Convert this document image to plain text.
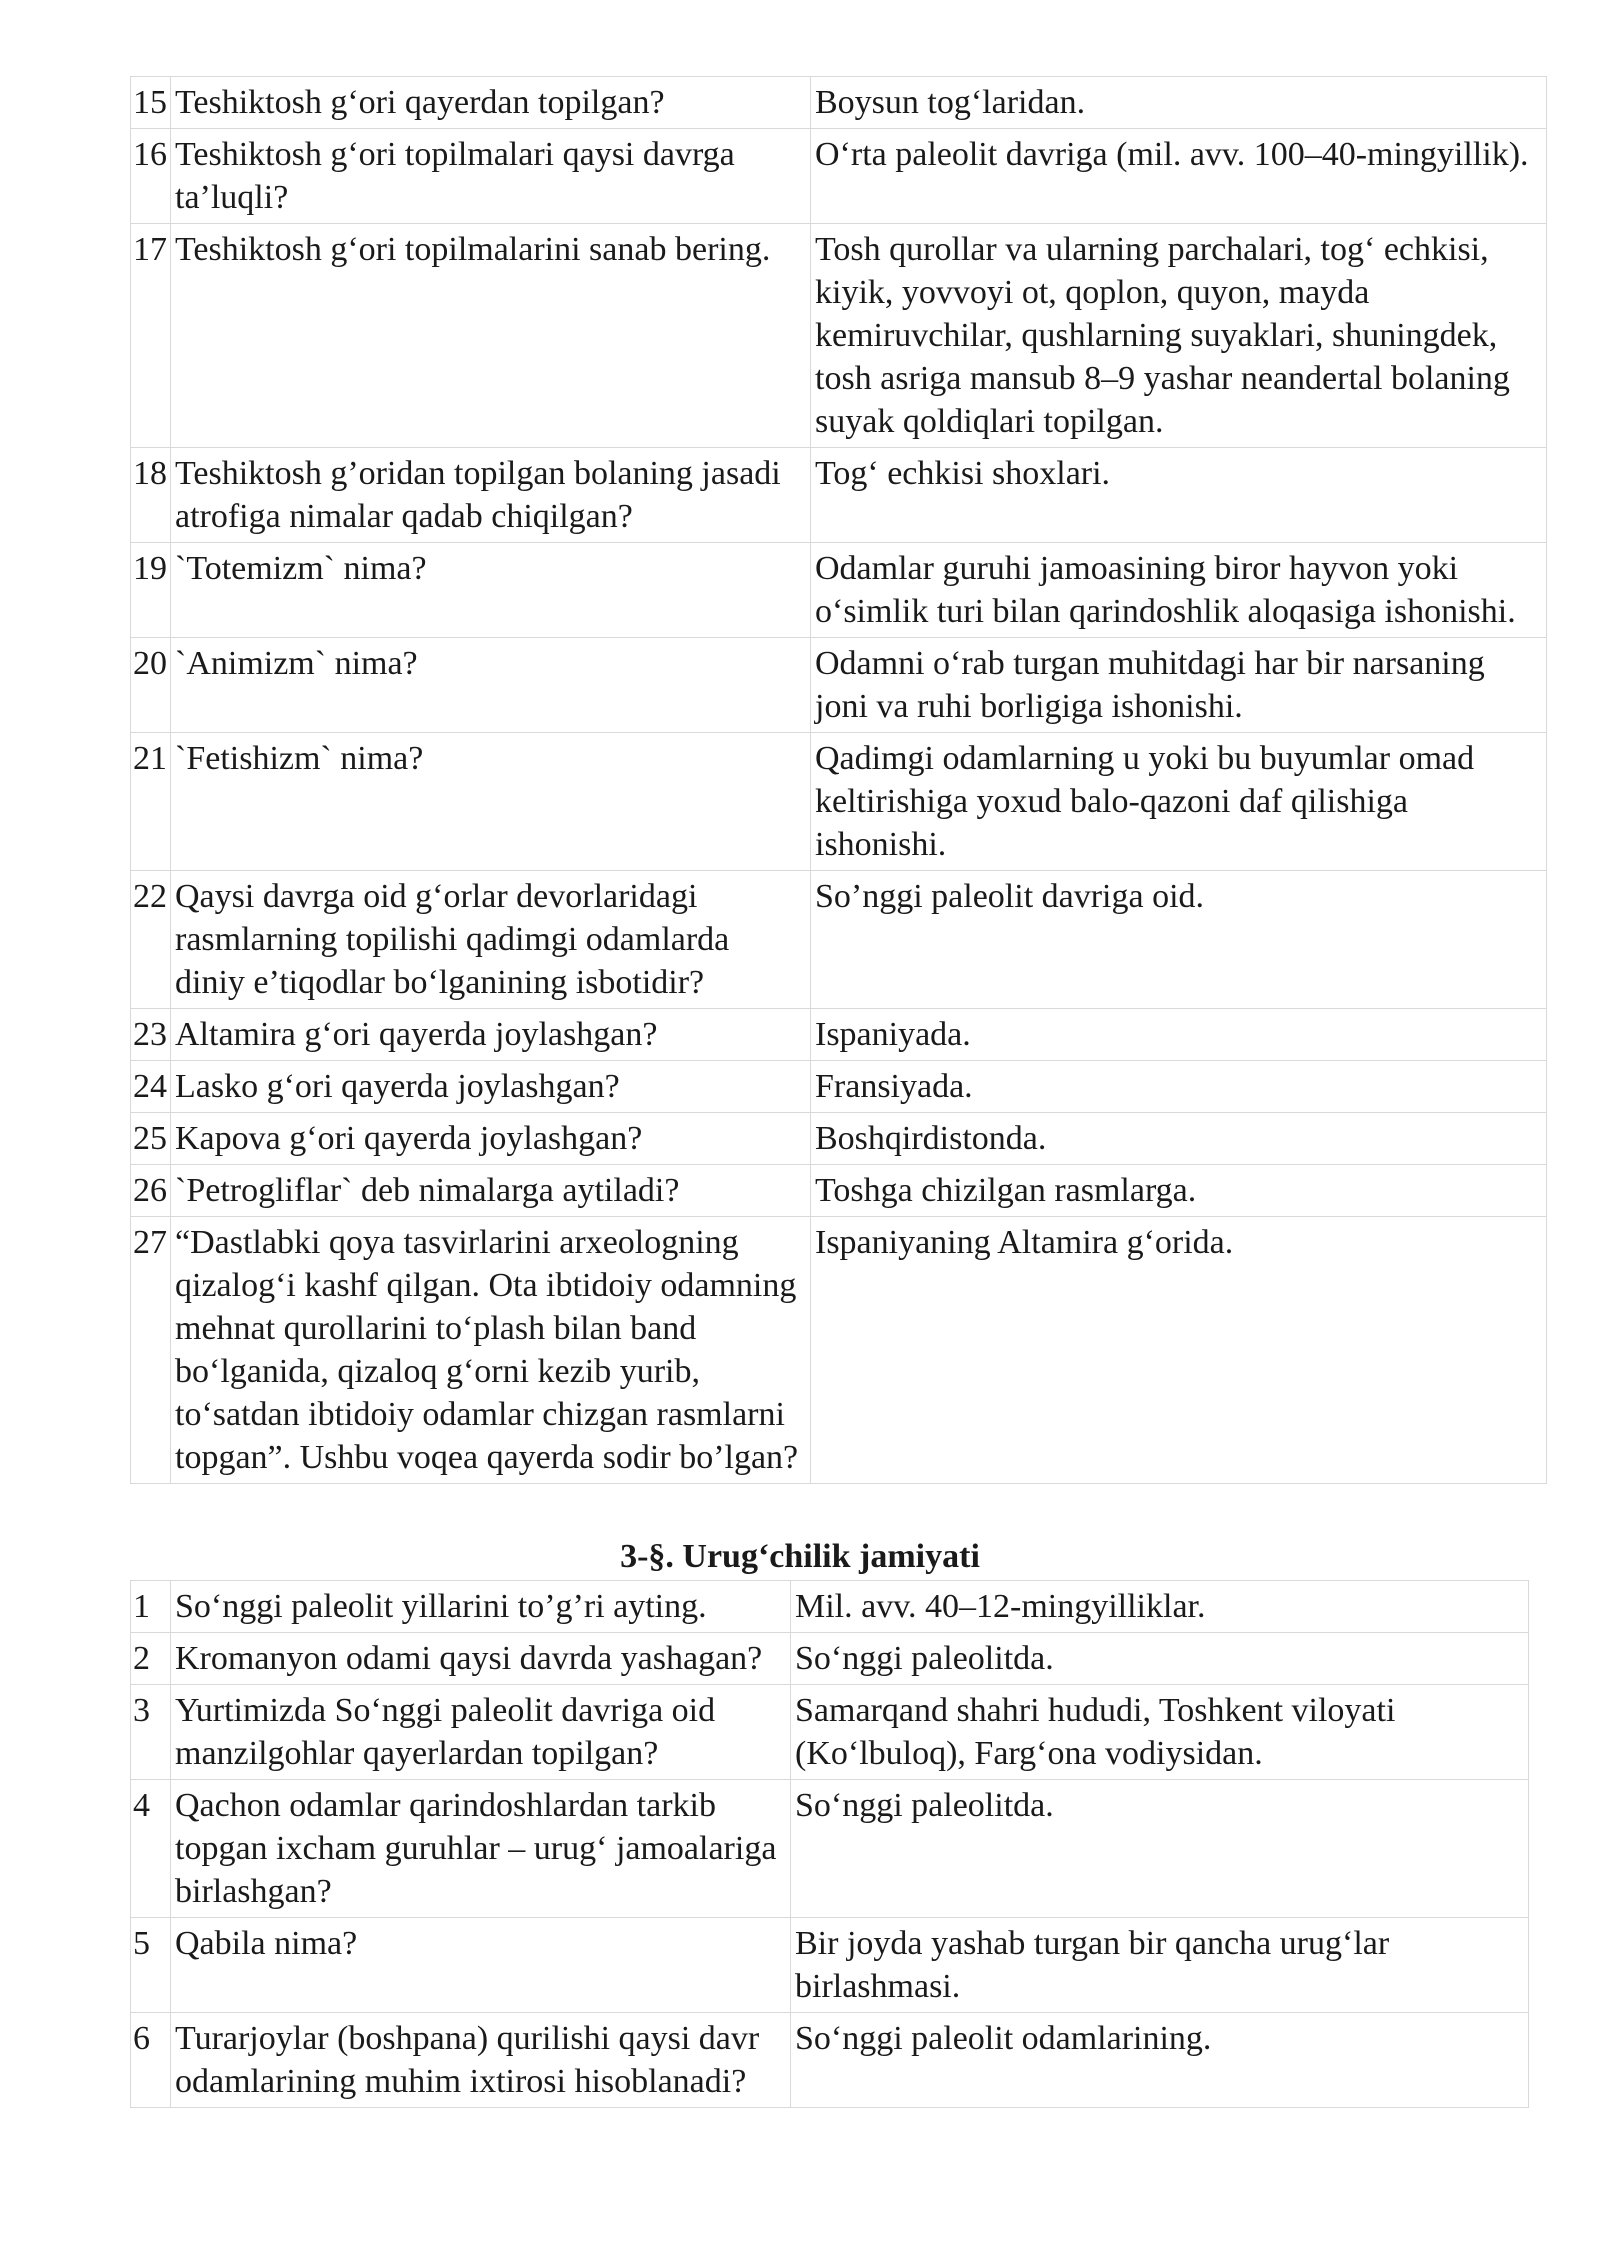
15	Teshiktosh g‘ori qayerdan topilgan?	Boysun tog‘laridan.
16	Teshiktosh g‘ori topilmalari qaysi davrga ta’luqli?	O‘rta paleolit davriga (mil. avv. 100–40-mingyillik).
17	Teshiktosh g‘ori topilmalarini sanab bering.	Tosh qurollar va ularning parchalari, tog‘ echkisi, kiyik, yovvoyi ot, qoplon, quyon, mayda kemiruvchilar, qushlarning suyaklari, shuningdek, tosh asriga mansub 8–9 yashar neandertal bolaning suyak qoldiqlari topilgan.
18	Teshiktosh g’oridan topilgan bolaning jasadi atrofiga nimalar qadab chiqilgan?	Tog‘ echkisi shoxlari.
19	`Totemizm` nima?	Odamlar guruhi jamoasining biror hayvon yoki o‘simlik turi bilan qarindoshlik aloqasiga ishonishi.
20	`Animizm` nima?	Odamni o‘rab turgan muhitdagi har bir narsaning joni va ruhi borligiga ishonishi.
21	`Fetishizm` nima?	Qadimgi odamlarning u yoki bu buyumlar omad keltirishiga yoxud balo-qazoni daf qilishiga ishonishi.
22	Qaysi davrga oid g‘orlar devorlaridagi rasmlarning topilishi qadimgi odamlarda diniy e’tiqodlar bo‘lganining isbotidir?	So’nggi paleolit davriga oid.
23	Altamira g‘ori qayerda joylashgan?	Ispaniyada.
24	Lasko g‘ori qayerda joylashgan?	Fransiyada.
25	Kapova g‘ori qayerda joylashgan?	Boshqirdistonda.
26	`Petrogliflar` deb nimalarga aytiladi?	Toshga chizilgan rasmlarga.
27	“Dastlabki qoya tasvirlarini arxeologning qizalog‘i kashf qilgan. Ota ibtidoiy odamning mehnat qurollarini to‘plash bilan band bo‘lganida, qizaloq g‘orni kezib yurib, to‘satdan ibtidoiy odamlar chizgan rasmlarni topgan”. Ushbu voqea qayerda sodir bo’lgan?	Ispaniyaning Altamira g‘orida.
3-§. Urug‘chilik jamiyati
1	So‘nggi paleolit yillarini to’g’ri ayting.	Mil. avv. 40–12-mingyilliklar.
2	Kromanyon odami qaysi davrda yashagan?	So‘nggi paleolitda.
3	Yurtimizda So‘nggi paleolit davriga oid manzilgohlar qayerlardan topilgan?	Samarqand shahri hududi, Toshkent viloyati (Ko‘lbuloq), Farg‘ona vodiysidan.
4	Qachon odamlar qarindoshlardan tarkib topgan ixcham guruhlar – urug‘ jamoalariga birlashgan?	So‘nggi paleolitda.
5	Qabila nima?	Bir joyda yashab turgan bir qancha urug‘lar birlashmasi.
6	Turarjoylar (boshpana) qurilishi qaysi davr odamlarining muhim ixtirosi hisoblanadi?	So‘nggi paleolit odamlarining.
